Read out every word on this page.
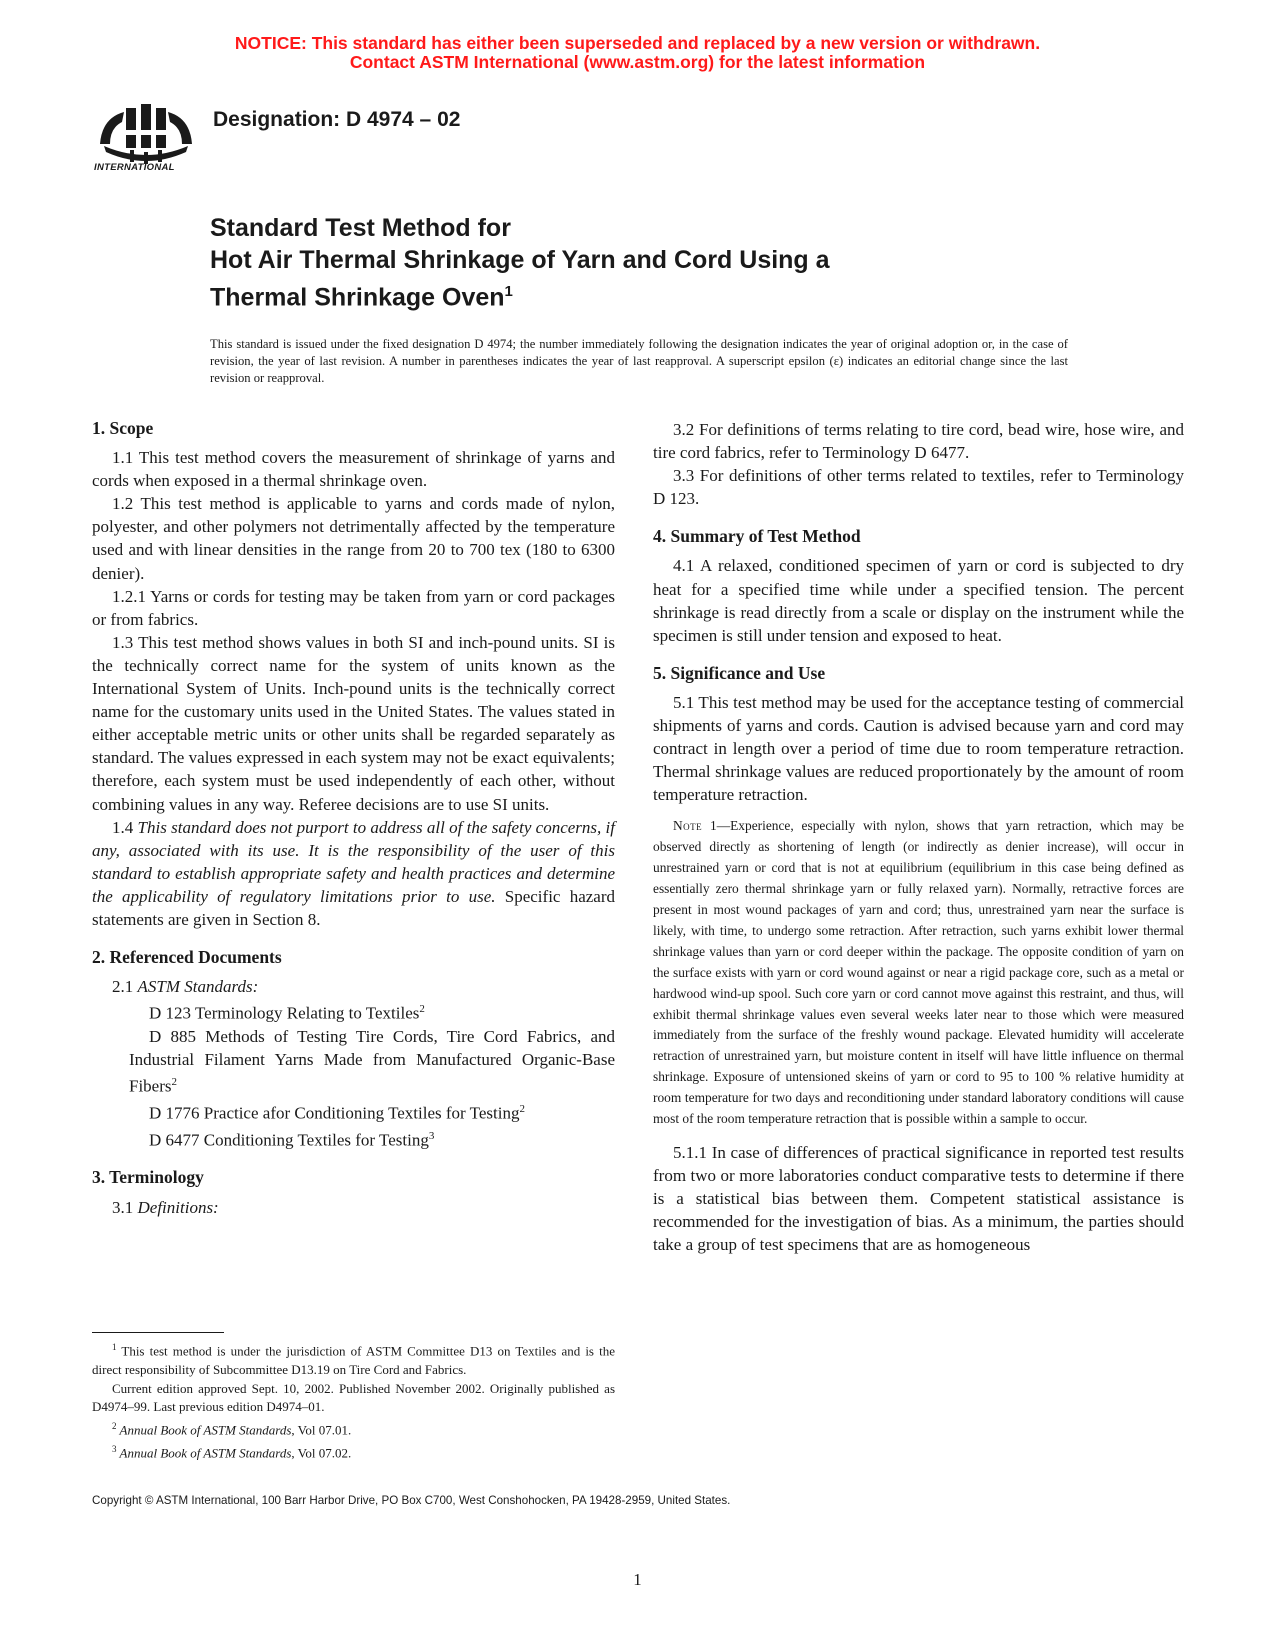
NOTICE: This standard has either been superseded and replaced by a new version or withdrawn.
Contact ASTM International (www.astm.org) for the latest information
INTERNATIONAL
Designation: D 4974 – 02
Standard Test Method for
Hot Air Thermal Shrinkage of Yarn and Cord Using a
Thermal Shrinkage Oven$^1$
This standard is issued under the fixed designation D 4974; the number immediately following the designation indicates the year of original adoption or, in the case of revision, the year of last revision. A number in parentheses indicates the year of last reapproval. A superscript epsilon (ε) indicates an editorial change since the last revision or reapproval.
1. Scope

1.1 This test method covers the measurement of shrinkage of yarns and cords when exposed in a thermal shrinkage oven.

1.2 This test method is applicable to yarns and cords made of nylon, polyester, and other polymers not detrimentally affected by the temperature used and with linear densities in the range from 20 to 700 tex (180 to 6300 denier).

1.2.1 Yarns or cords for testing may be taken from yarn or cord packages or from fabrics.

1.3 This test method shows values in both SI and inch-pound units. SI is the technically correct name for the system of units known as the International System of Units. Inch-pound units is the technically correct name for the customary units used in the United States. The values stated in either acceptable metric units or other units shall be regarded separately as standard. The values expressed in each system may not be exact equivalents; therefore, each system must be used independently of each other, without combining values in any way. Referee decisions are to use SI units.

1.4 This standard does not purport to address all of the safety concerns, if any, associated with its use. It is the responsibility of the user of this standard to establish appropriate safety and health practices and determine the applicability of regulatory limitations prior to use. Specific hazard statements are given in Section 8.

2. Referenced Documents

2.1 ASTM Standards:

D 123 Terminology Relating to Textiles$^2$

D 885 Methods of Testing Tire Cords, Tire Cord Fabrics, and Industrial Filament Yarns Made from Manufactured Organic-Base Fibers$^2$

D 1776 Practice afor Conditioning Textiles for Testing$^2$

D 6477 Conditioning Textiles for Testing$^3$

3. Terminology

3.1 Definitions:

3.2 For definitions of terms relating to tire cord, bead wire, hose wire, and tire cord fabrics, refer to Terminology D 6477.

3.3 For definitions of other terms related to textiles, refer to Terminology D 123.

4. Summary of Test Method

4.1 A relaxed, conditioned specimen of yarn or cord is subjected to dry heat for a specified time while under a specified tension. The percent shrinkage is read directly from a scale or display on the instrument while the specimen is still under tension and exposed to heat.

5. Significance and Use

5.1 This test method may be used for the acceptance testing of commercial shipments of yarns and cords. Caution is advised because yarn and cord may contract in length over a period of time due to room temperature retraction. Thermal shrinkage values are reduced proportionately by the amount of room temperature retraction.

Note 1—Experience, especially with nylon, shows that yarn retraction, which may be observed directly as shortening of length (or indirectly as denier increase), will occur in unrestrained yarn or cord that is not at equilibrium (equilibrium in this case being defined as essentially zero thermal shrinkage yarn or fully relaxed yarn). Normally, retractive forces are present in most wound packages of yarn and cord; thus, unrestrained yarn near the surface is likely, with time, to undergo some retraction. After retraction, such yarns exhibit lower thermal shrinkage values than yarn or cord deeper within the package. The opposite condition of yarn on the surface exists with yarn or cord wound against or near a rigid package core, such as a metal or hardwood wind-up spool. Such core yarn or cord cannot move against this restraint, and thus, will exhibit thermal shrinkage values even several weeks later near to those which were measured immediately from the surface of the freshly wound package. Elevated humidity will accelerate retraction of unrestrained yarn, but moisture content in itself will have little influence on thermal shrinkage. Exposure of untensioned skeins of yarn or cord to 95 to 100 % relative humidity at room temperature for two days and reconditioning under standard laboratory conditions will cause most of the room temperature retraction that is possible within a sample to occur.

5.1.1 In case of differences of practical significance in reported test results from two or more laboratories conduct comparative tests to determine if there is a statistical bias between them. Competent statistical assistance is recommended for the investigation of bias. As a minimum, the parties should take a group of test specimens that are as homogeneous

$^1$ This test method is under the jurisdiction of ASTM Committee D13 on Textiles and is the direct responsibility of Subcommittee D13.19 on Tire Cord and Fabrics.

Current edition approved Sept. 10, 2002. Published November 2002. Originally published as D4974–99. Last previous edition D4974–01.

$^2$ Annual Book of ASTM Standards, Vol 07.01.

$^3$ Annual Book of ASTM Standards, Vol 07.02.

Copyright © ASTM International, 100 Barr Harbor Drive, PO Box C700, West Conshohocken, PA 19428-2959, United States.
1
